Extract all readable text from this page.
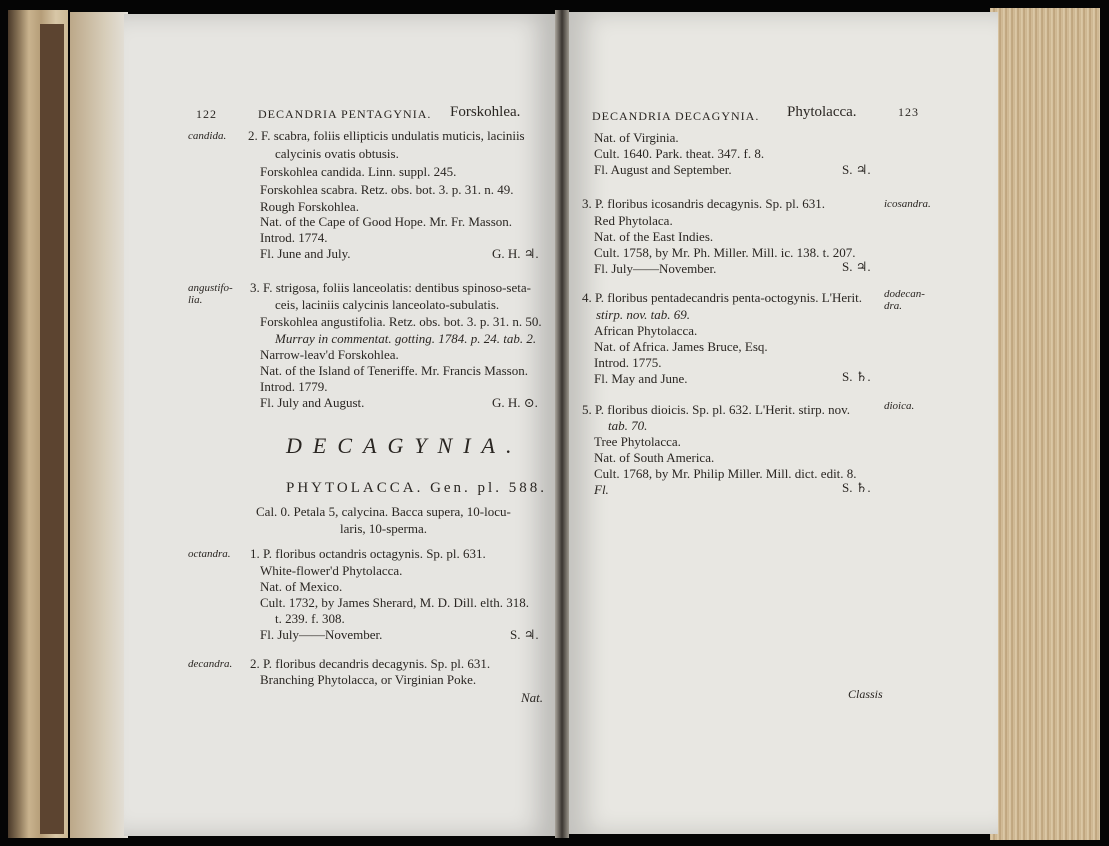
122	DECANDRIA PENTAGYNIA. Forskohlea.
candida. 2. F. scabra, foliis ellipticis undulatis muticis, laciniis
calycinis ovatis obtusis.
Forskohlea candida. Linn. suppl. 245.
Forskohlea scabra. Retz. obs. bot. 3. p. 31. n. 49.
Rough Forskohlea.
Nat. of the Cape of Good Hope. Mr. Fr. Masson.
Introd. 1774.
Fl. June and July.	G. H. ♃.
angustifo-
lia.
3. F. strigosa, foliis lanceolatis: dentibus spinoso-seta-
ceis, laciniis calycinis lanceolato-subulatis.
Forskohlea angustifolia. Retz. obs. bot. 3. p. 31. n. 50.
Murray in commentat. gotting. 1784. p. 24. tab. 2.
Narrow-leav'd Forskohlea.
Nat. of the Island of Teneriffe. Mr. Francis Masson.
Introd. 1779.
Fl. July and August.	G. H. ⊙.
DECAGYNIA.
PHYTOLACCA. Gen. pl. 588.
Cal. 0. Petala 5, calycina. Bacca supera, 10-locu-
laris, 10-sperma.
octandra. 1. P. floribus octandris octagynis. Sp. pl. 631.
White-flower'd Phytolacca.
Nat. of Mexico.
Cult. 1732, by James Sherard, M. D. Dill. elth. 318.
t. 239. f. 308.
Fl. July——November.	S. ♃.
decandra. 2. P. floribus decandris decagynis. Sp. pl. 631.
Branching Phytolacca, or Virginian Poke.
Nat.
DECANDRIA DECAGYNIA. Phytolacca.	123
Nat. of Virginia.
Cult. 1640. Park. theat. 347. f. 8.
Fl. August and September.	S. ♃.
icosandra.
3. P. floribus icosandris decagynis. Sp. pl. 631.
Red Phytolaca.
Nat. of the East Indies.
Cult. 1758, by Mr. Ph. Miller. Mill. ic. 138. t. 207.
Fl. July——November.	S. ♃.
dodecan-
dra.
4. P. floribus pentadecandris penta-octogynis. L'Herit.
stirp. nov. tab. 69.
African Phytolacca.
Nat. of Africa. James Bruce, Esq.
Introd. 1775.
Fl. May and June.	S. ♄.
dioica.
5. P. floribus dioicis. Sp. pl. 632. L'Herit. stirp. nov.
tab. 70.
Tree Phytolacca.
Nat. of South America.
Cult. 1768, by Mr. Philip Miller. Mill. dict. edit. 8.
Fl.	S. ♄.
Classis
